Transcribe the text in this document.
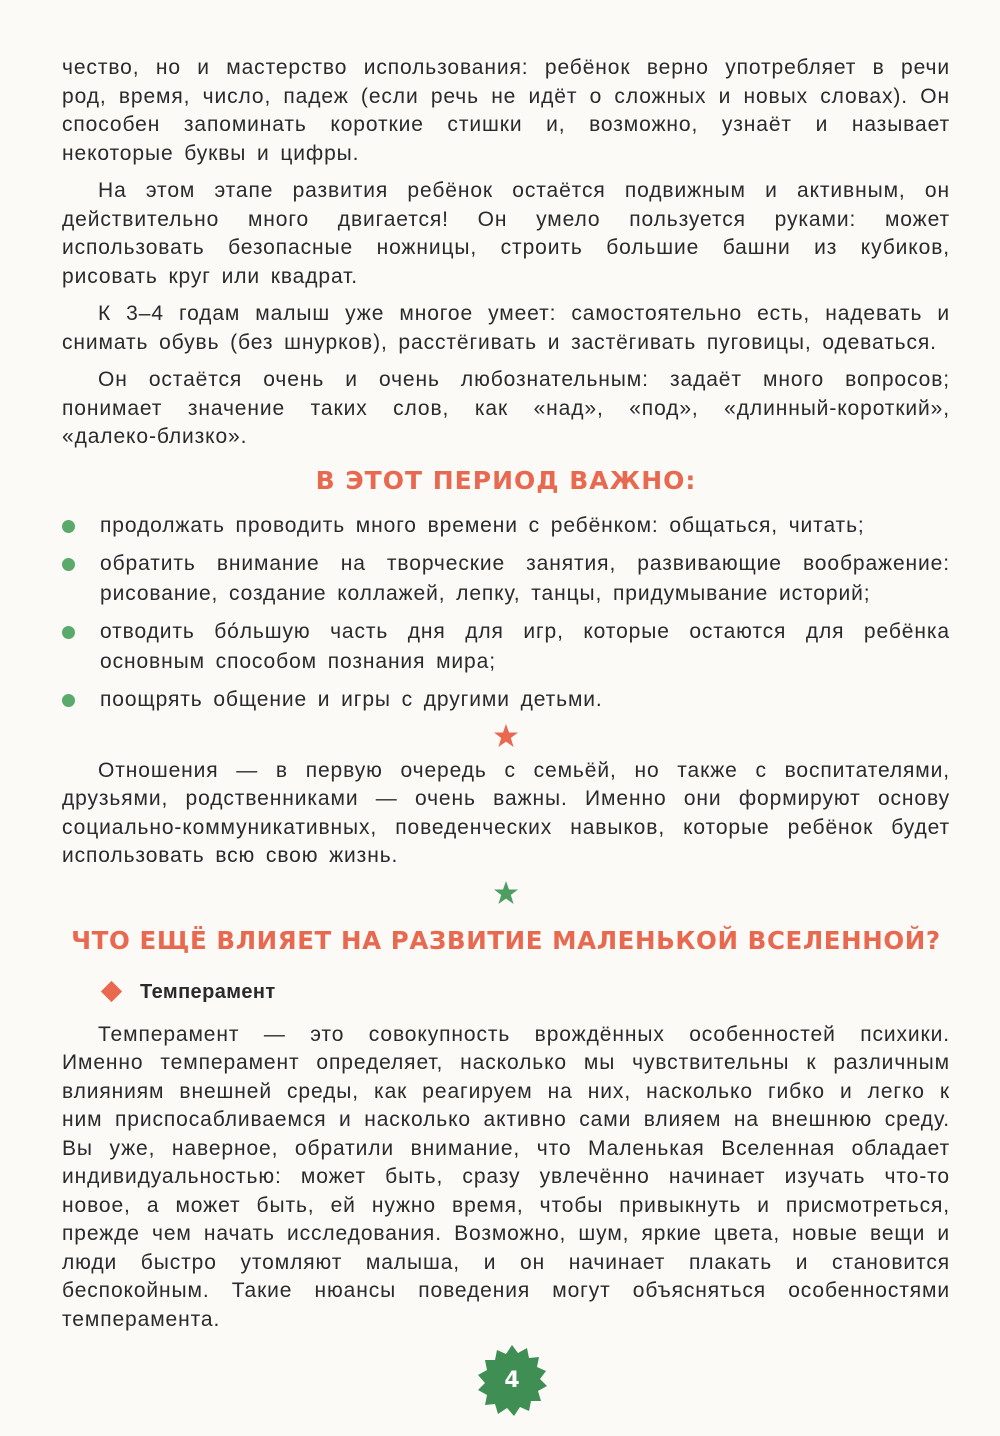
чество, но и мастерство использования: ребёнок верно употребляет в речи род, время, число, падеж (если речь не идёт о сложных и новых словах). Он способен запоминать короткие стишки и, возможно, узнаёт и называет некоторые буквы и цифры.

На этом этапе развития ребёнок остаётся подвижным и активным, он действительно много двигается! Он умело пользуется руками: может использовать безопасные ножницы, строить большие башни из кубиков, рисовать круг или квадрат.

К 3–4 годам малыш уже многое умеет: самостоятельно есть, надевать и снимать обувь (без шнурков), расстёгивать и застёгивать пуговицы, одеваться.

Он остаётся очень и очень любознательным: задаёт много вопросов; понимает значение таких слов, как «над», «под», «длинный-короткий», «далеко-близко».

В ЭТОТ ПЕРИОД ВАЖНО:
продолжать проводить много времени с ребёнком: общаться, читать;
обратить внимание на творческие занятия, развивающие воображение: рисование, создание коллажей, лепку, танцы, придумывание историй;
отводить бо́льшую часть дня для игр, которые остаются для ребёнка основным способом познания мира;
поощрять общение и игры с другими детьми.

Отношения — в первую очередь с семьёй, но также с воспитателями, друзьями, родственниками — очень важны. Именно они формируют основу социально-коммуникативных, поведенческих навыков, которые ребёнок будет использовать всю свою жизнь.

ЧТО ЕЩЁ ВЛИЯЕТ НА РАЗВИТИЕ МАЛЕНЬКОЙ ВСЕЛЕННОЙ?
Темперамент

Темперамент — это совокупность врождённых особенностей психики. Именно темперамент определяет, насколько мы чувствительны к различным влияниям внешней среды, как реагируем на них, насколько гибко и легко к ним приспосабливаемся и насколько активно сами влияем на внешнюю среду. Вы уже, наверное, обратили внимание, что Маленькая Вселенная обладает индивидуальностью: может быть, сразу увлечённо начинает изучать что-то новое, а может быть, ей нужно время, чтобы привыкнуть и присмотреться, прежде чем начать исследования. Возможно, шум, яркие цвета, новые вещи и люди быстро утомляют малыша, и он начинает плакать и становится беспокойным. Такие нюансы поведения могут объясняться особенностями темперамента.

4
